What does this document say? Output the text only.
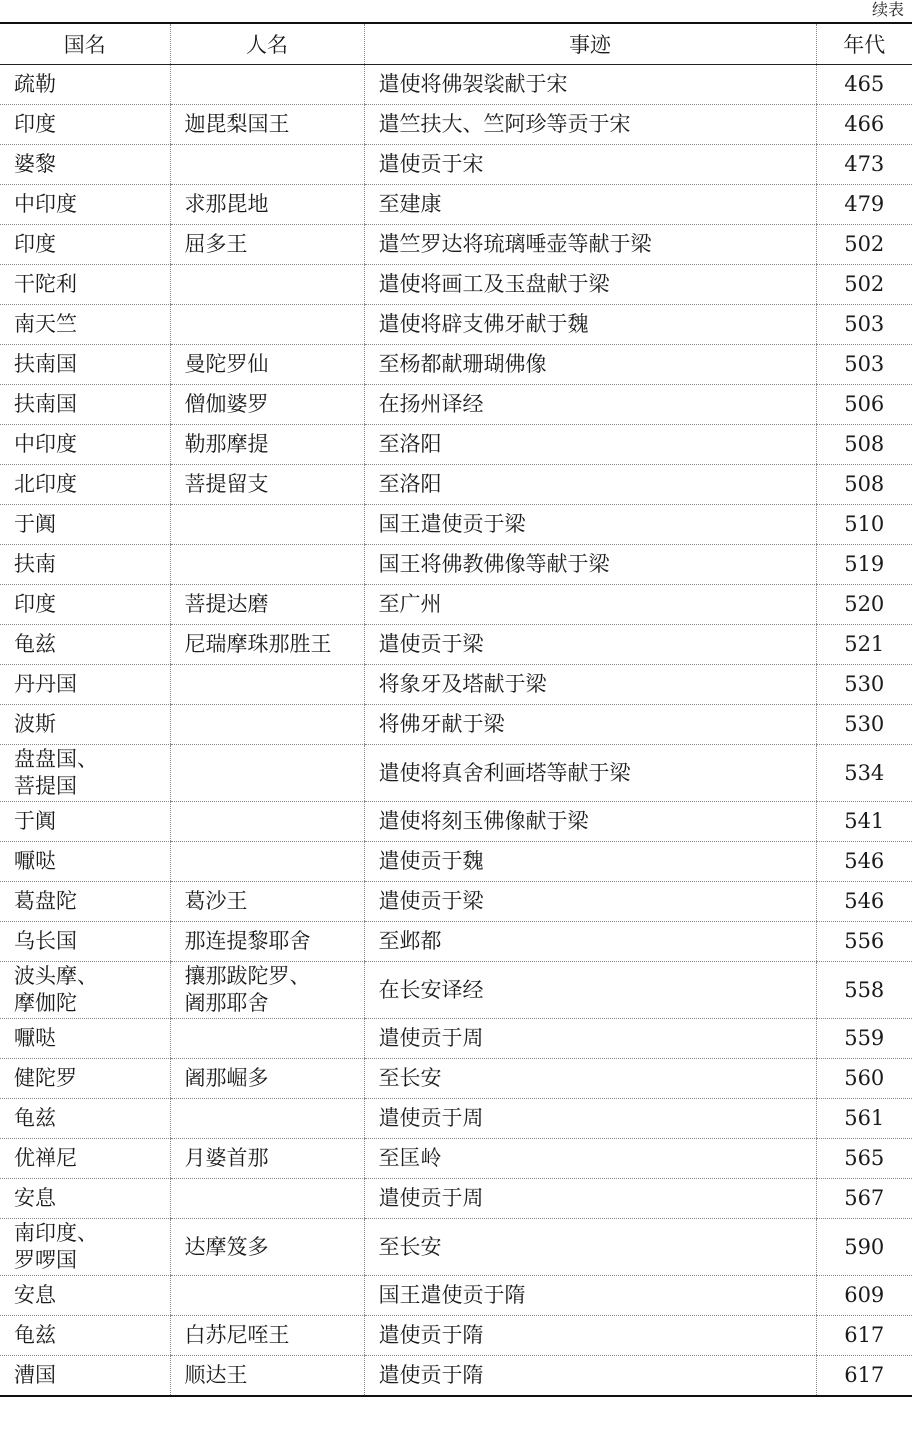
续表
国名	人名	事迹	年代

疏勒		遣使将佛袈裟献于宋	465

印度	迦毘梨国王	遣竺扶大、竺阿珍等贡于宋	466

婆黎		遣使贡于宋	473

中印度	求那毘地	至建康	479

印度	屈多王	遣竺罗达将琉璃唾壶等献于梁	502

干陀利		遣使将画工及玉盘献于梁	502

南天竺		遣使将辟支佛牙献于魏	503

扶南国	曼陀罗仙	至杨都献珊瑚佛像	503

扶南国	僧伽婆罗	在扬州译经	506

中印度	勒那摩提	至洛阳	508

北印度	菩提留支	至洛阳	508

于阗		国王遣使贡于梁	510

扶南		国王将佛教佛像等献于梁	519

印度	菩提达磨	至广州	520

龟兹	尼瑞摩珠那胜王	遣使贡于梁	521

丹丹国		将象牙及塔献于梁	530

波斯		将佛牙献于梁	530

盘盘国、
菩提国		遣使将真舍利画塔等献于梁	534

于阗		遣使将刻玉佛像献于梁	541

嚈哒		遣使贡于魏	546

葛盘陀	葛沙王	遣使贡于梁	546

乌长国	那连提黎耶舍	至邺都	556

波头摩、
摩伽陀	攘那跋陀罗、
阇那耶舍	在长安译经	558

嚈哒		遣使贡于周	559

健陀罗	阇那崛多	至长安	560

龟兹		遣使贡于周	561

优禅尼	月婆首那	至匡岭	565

安息		遣使贡于周	567

南印度、
罗啰国	达摩笈多	至长安	590

安息		国王遣使贡于隋	609

龟兹	白苏尼咥王	遣使贡于隋	617

漕国	顺达王	遣使贡于隋	617
